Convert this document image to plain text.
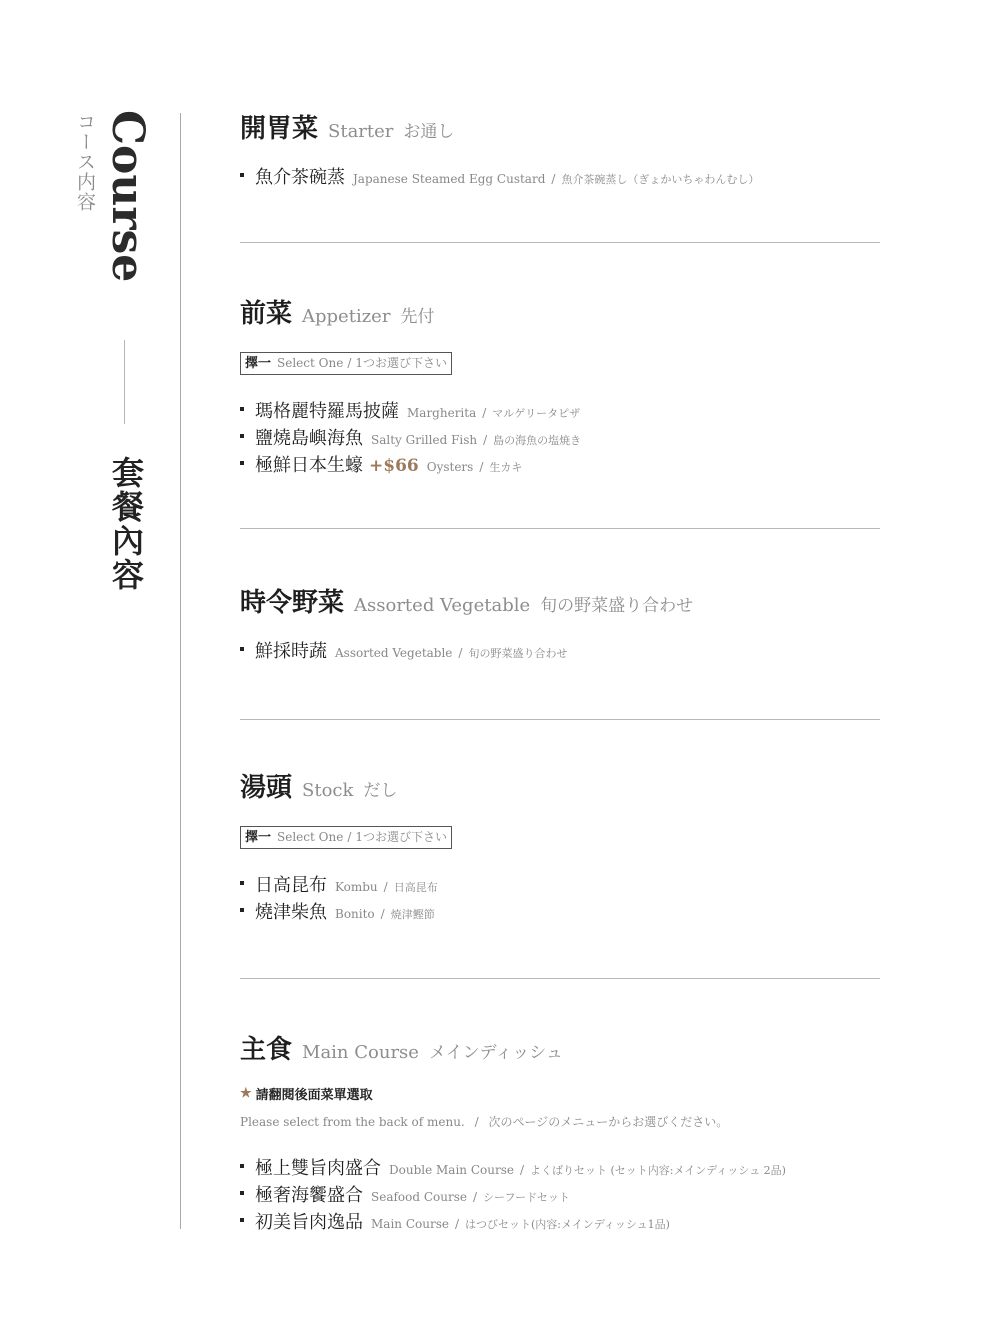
コース内容 Course
套餐內容
開胃菜 Starter お通し
魚介茶碗蒸 Japanese Steamed Egg Custard / 魚介茶碗蒸し（ぎょかいちゃわんむし）
前菜 Appetizer 先付
擇一 Select One / 1つお選び下さい
瑪格麗特羅馬披薩 Margherita / マルゲリータピザ
鹽燒島嶼海魚 Salty Grilled Fish / 島の海魚の塩焼き
極鮮日本生蠔 +$66 Oysters / 生カキ
時令野菜 Assorted Vegetable 旬の野菜盛り合わせ
鮮採時蔬 Assorted Vegetable / 旬の野菜盛り合わせ
湯頭 Stock だし
擇一 Select One / 1つお選び下さい
日高昆布 Kombu / 日高昆布
燒津柴魚 Bonito / 焼津鰹節
主食 Main Course メインディッシュ
★ 請翻閱後面菜單選取
Please select from the back of menu. / 次のページのメニューからお選びください。
極上雙旨肉盛合 Double Main Course / よくばりセット (セット内容:メインディッシュ 2品)
極奢海饗盛合 Seafood Course / シーフードセット
初美旨肉逸品 Main Course / はつびセット(内容:メインディッシュ1品)
